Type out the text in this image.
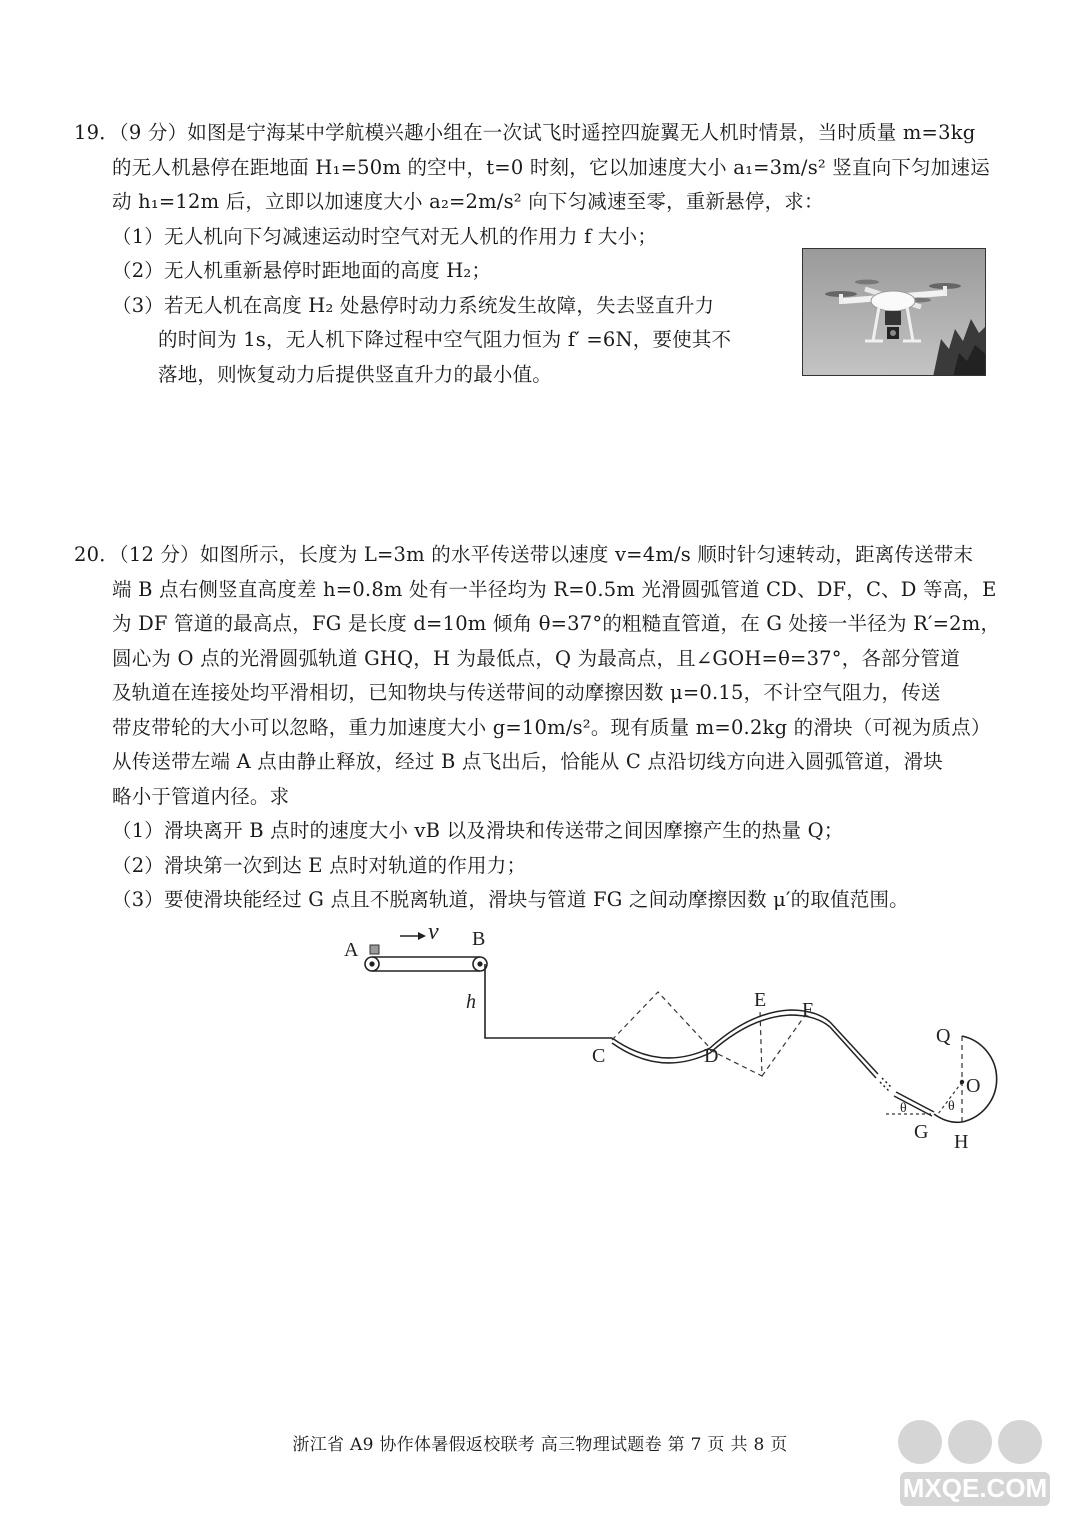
19．（9 分）如图是宁海某中学航模兴趣小组在一次试飞时遥控四旋翼无人机时情景，当时质量 m=3kg
的无人机悬停在距地面 H₁=50m 的空中，t=0 时刻，它以加速度大小 a₁=3m/s² 竖直向下匀加速运
动 h₁=12m 后，立即以加速度大小 a₂=2m/s² 向下匀减速至零，重新悬停，求：
（1）无人机向下匀减速运动时空气对无人机的作用力 f 大小；
（2）无人机重新悬停时距地面的高度 H₂；
（3）若无人机在高度 H₂ 处悬停时动力系统发生故障，失去竖直升力
的时间为 1s，无人机下降过程中空气阻力恒为 f′ =6N，要使其不
落地，则恢复动力后提供竖直升力的最小值。
20．（12 分）如图所示，长度为 L=3m 的水平传送带以速度 v=4m/s 顺时针匀速转动，距离传送带末
端 B 点右侧竖直高度差 h=0.8m 处有一半径均为 R=0.5m 光滑圆弧管道 CD、DF，C、D 等高，E
为 DF 管道的最高点，FG 是长度 d=10m 倾角 θ=37°的粗糙直管道，在 G 处接一半径为 R′=2m，
圆心为 O 点的光滑圆弧轨道 GHQ，H 为最低点，Q 为最高点，且∠GOH=θ=37°，各部分管道
及轨道在连接处均平滑相切，已知物块与传送带间的动摩擦因数 μ=0.15，不计空气阻力，传送
带皮带轮的大小可以忽略，重力加速度大小 g=10m/s²。现有质量 m=0.2kg 的滑块（可视为质点）
从传送带左端 A 点由静止释放，经过 B 点飞出后，恰能从 C 点沿切线方向进入圆弧管道，滑块
略小于管道内径。求
（1）滑块离开 B 点时的速度大小 vB 以及滑块和传送带之间因摩擦产生的热量 Q；
（2）滑块第一次到达 E 点时对轨道的作用力；
（3）要使滑块能经过 G 点且不脱离轨道，滑块与管道 FG 之间动摩擦因数 μ′的取值范围。
A	B
v
h
C	D
E F
G H
O
Q
θ	θ
浙江省 A9 协作体暑假返校联考 高三物理试题卷 第 7 页 共 8 页
MXQE.COM
